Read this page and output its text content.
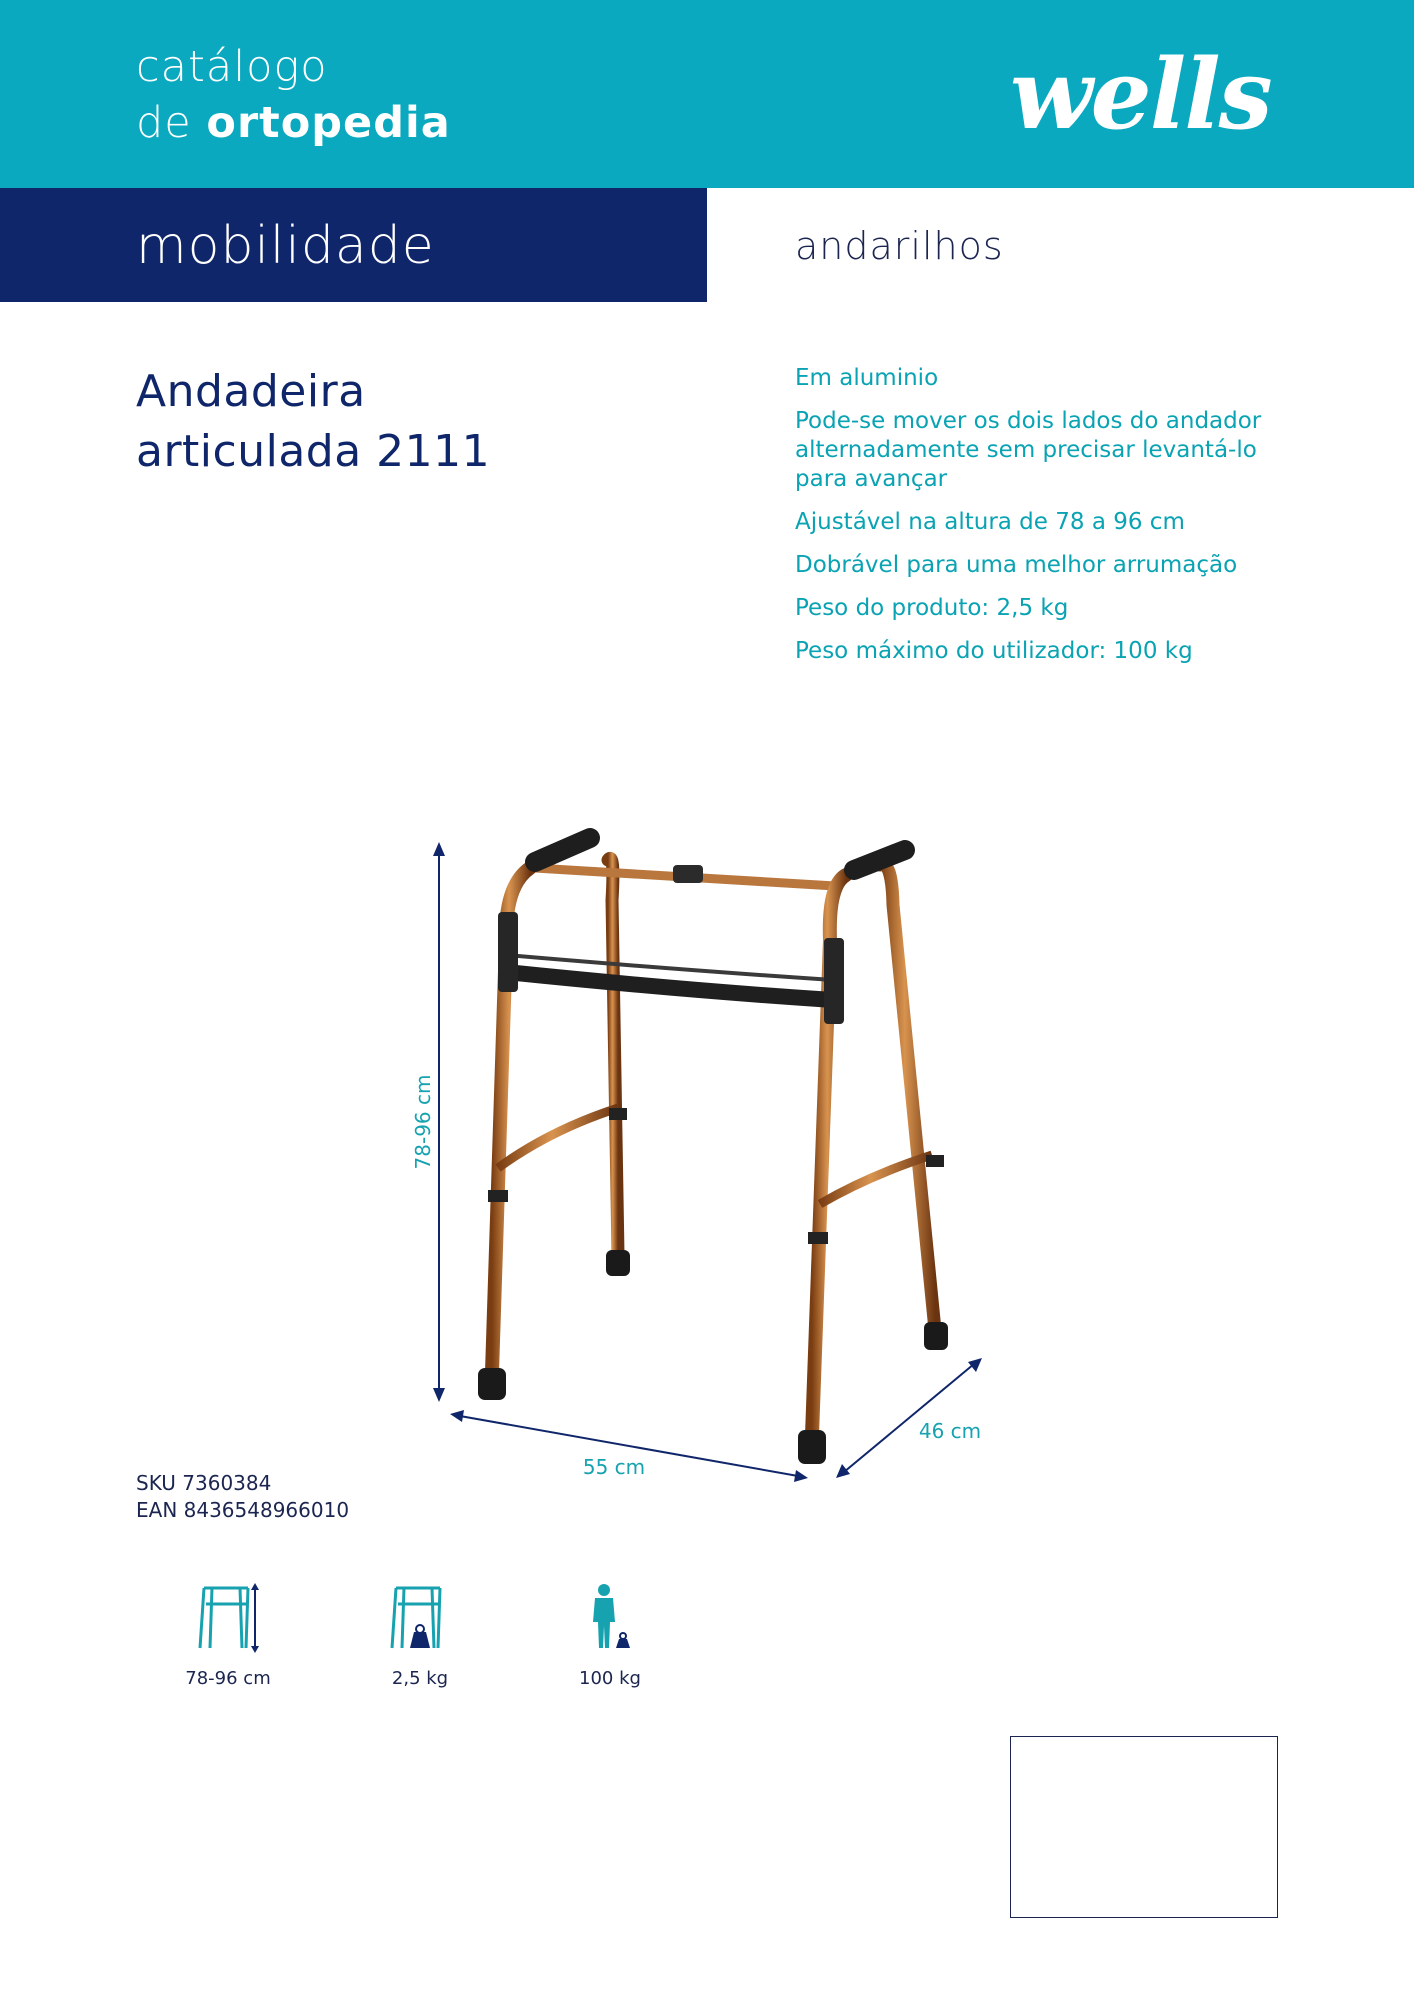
catálogo
de ortopedia	wells
mobilidade	andarilhos
Andadeira
articulada 2111
Em aluminio
Pode-se mover os dois lados do andador alternadamente sem precisar levantá-lo para avançar
Ajustável na altura de 78 a 96 cm
Dobrável para uma melhor arrumação
Peso do produto: 2,5 kg
Peso máximo do utilizador: 100 kg
78-96 cm
55 cm
46 cm
SKU 7360384
EAN 8436548966010
78-96 cm	2,5 kg	100 kg
